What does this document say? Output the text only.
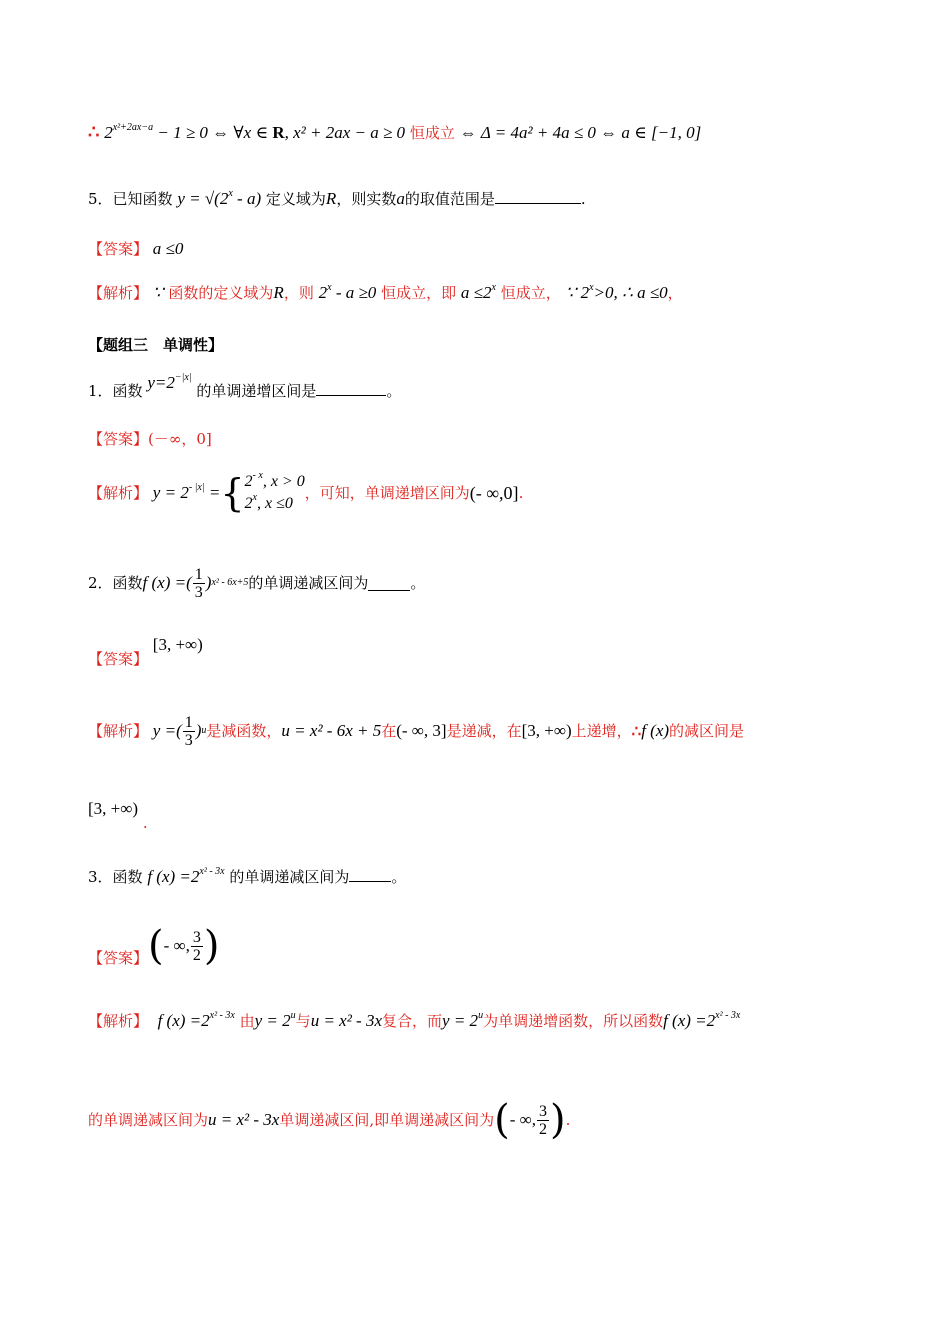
∴ $2^{x^2+2ax-a} - 1 \ge 0$ ⇔ ∀x ∈ R, x² + 2ax − a ≥ 0 恒成立 ⇔ Δ = 4a² + 4a ≤ 0 ⇔ a ∈ [−1, 0]
5．已知函数 $y = √(2^x - a)$ 定义域为R，则实数a的取值范围是	.
【答案】 a ≤0
【解析】 ∵ 函数的定义域为R，则 2$^x$ - a ≥0 恒成立，即 $a \le 2^x$ 恒成立， ∵ $2^x>0$, ∴ a ≤0，
【题组三　单调性】
1．函数 $y=2^{-|x|}$ 的单调递增区间是	。
【答案】(－∞，0]
【解析】
$y = 2^{- |x|}$ = { $2^{- x}$, x > 0
2$^x$, x ≤0
，可知，单调递增区间为 (- ∞,0] .
2．函数 f (x) =( $\frac{1}{3}$ ) x² - 6x+5 的单调递减区间为	。
【答案】 [3, +∞)
【解析】
y =( $\frac{1}{3}$ ) u 是减函数， u = x² - 6x + 5 在 (- ∞, 3] 是递减，在 [3, +∞) 上递增， ∴ f (x) 的减区间是
[3, +∞) .
3．函数 f $(x) =2^{x^2 - 3x}$ 的单调递减区间为	。
【答案】 ( - ∞, $\frac{3}{2}$ )
【解析】 f $(x) =2^{x^2 - 3x}$ 由$y = 2^u$与u = x² - 3x复合，而$y = 2^u$为单调递增函数，所以函数f $(x) =2^{x^2 - 3x}$
的单调递减区间为 u = x² - 3x 单调递减区间,即单调递减区间为 ( - ∞, $\frac{3}{2}$ ) .
